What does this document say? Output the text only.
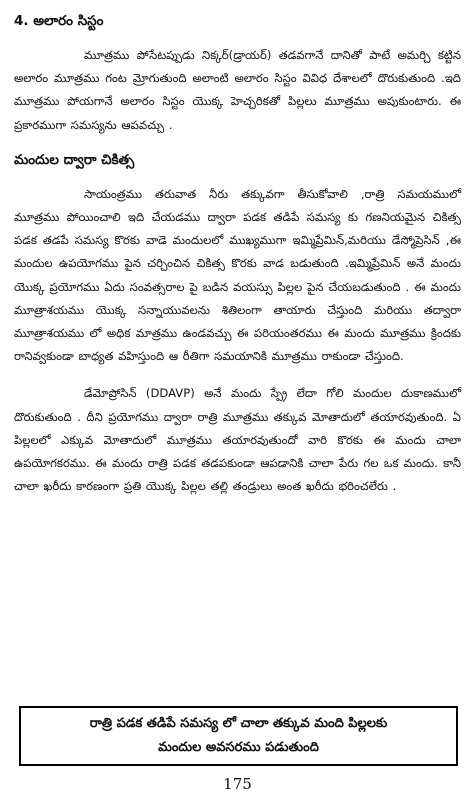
4. అలారం సిస్టం

మూత్రము పోసేటప్పుడు నిక్కర్(డ్రాయర్) తడవగానే దానితో పాటే అమర్చి కట్టిన అలారం మూత్రము గంట మ్రోగుతుంది అలాంటి అలారం సిస్టం వివిధ దేశాలలో దొరుకుతుంది .ఇది మూత్రము పోయగానే అలారం సిస్టం యొక్క హెచ్చరికతో పిల్లలు మూత్రము అపుకుంటారు. ఈ ప్రకారముగా సమస్యను ఆపవచ్చు .

మందుల ద్వారా చికిత్స

సాయంత్రము తరువాత నీరు తక్కువగా తీసుకోవాలి ,రాత్రి సమయములో మూత్రము పోయించాలి ఇది చేయడము ద్వారా పడక తడిపే సమస్య కు గణనియమైన చికిత్స పడక తడపే సమస్య కొరకు వాడె మందులలో ముఖ్యముగా ఇమ్మిప్రేమిన్,మరియు డేస్మోప్రెసిన్ ,ఈ మందుల ఉపయోగము పైన చర్చించిన చికిత్స కొరకు వాడ బడుతుంది .ఇమ్మిప్రేమిన్ అనే మందు యొక్క ప్రయోగము ఏదు సంవత్సరాల పై బడిన వయస్సు పిల్లల పైన చేయబడుతుంది . ఈ మందు మూత్రాశయము యొక్క సన్నాయువలను శితిలంగా తాయారు చేస్తుంది మరియు తద్వారా మూత్రాశయము లో అధిక మాత్రము ఉండవచ్చు ఈ పరియంతరము ఈ మందు మూత్రము క్రిందకు రానివ్వకుండా బాధ్యత వహిస్తుంది ఆ రీతిగా సమయానికి మూత్రము రాకుండా చేస్తుంది.

డేమోప్రోసిన్ (DDAVP) అనే మందు స్ప్రే లేదా గోలి మందుల దుకాణములో దొరుకుతుంది . దీని ప్రయోగము ద్వారా రాత్రి మూత్రము తక్కువ మోతాదులో తయారవుతుంది. ఏ పిల్లలలో ఎక్కువ మోతాదులో మూత్రము తయారవుతుందో వారి కొరకు ఈ మందు చాలా ఉపయోగకరము. ఈ మందు రాత్రి పడక తడపకుండా ఆపడానికి చాలా పేరు గల ఒక మందు. కానీ చాలా ఖరీదు కారణంగా ప్రతి యొక్క పిల్లల తల్లి తండ్రులు అంత ఖరీదు భరించలేరు .

రాత్రి పడక తడిపే సమస్య లో చాలా తక్కువ మంది పిల్లలకు
మందుల అవసరము పడుతుంది
175
